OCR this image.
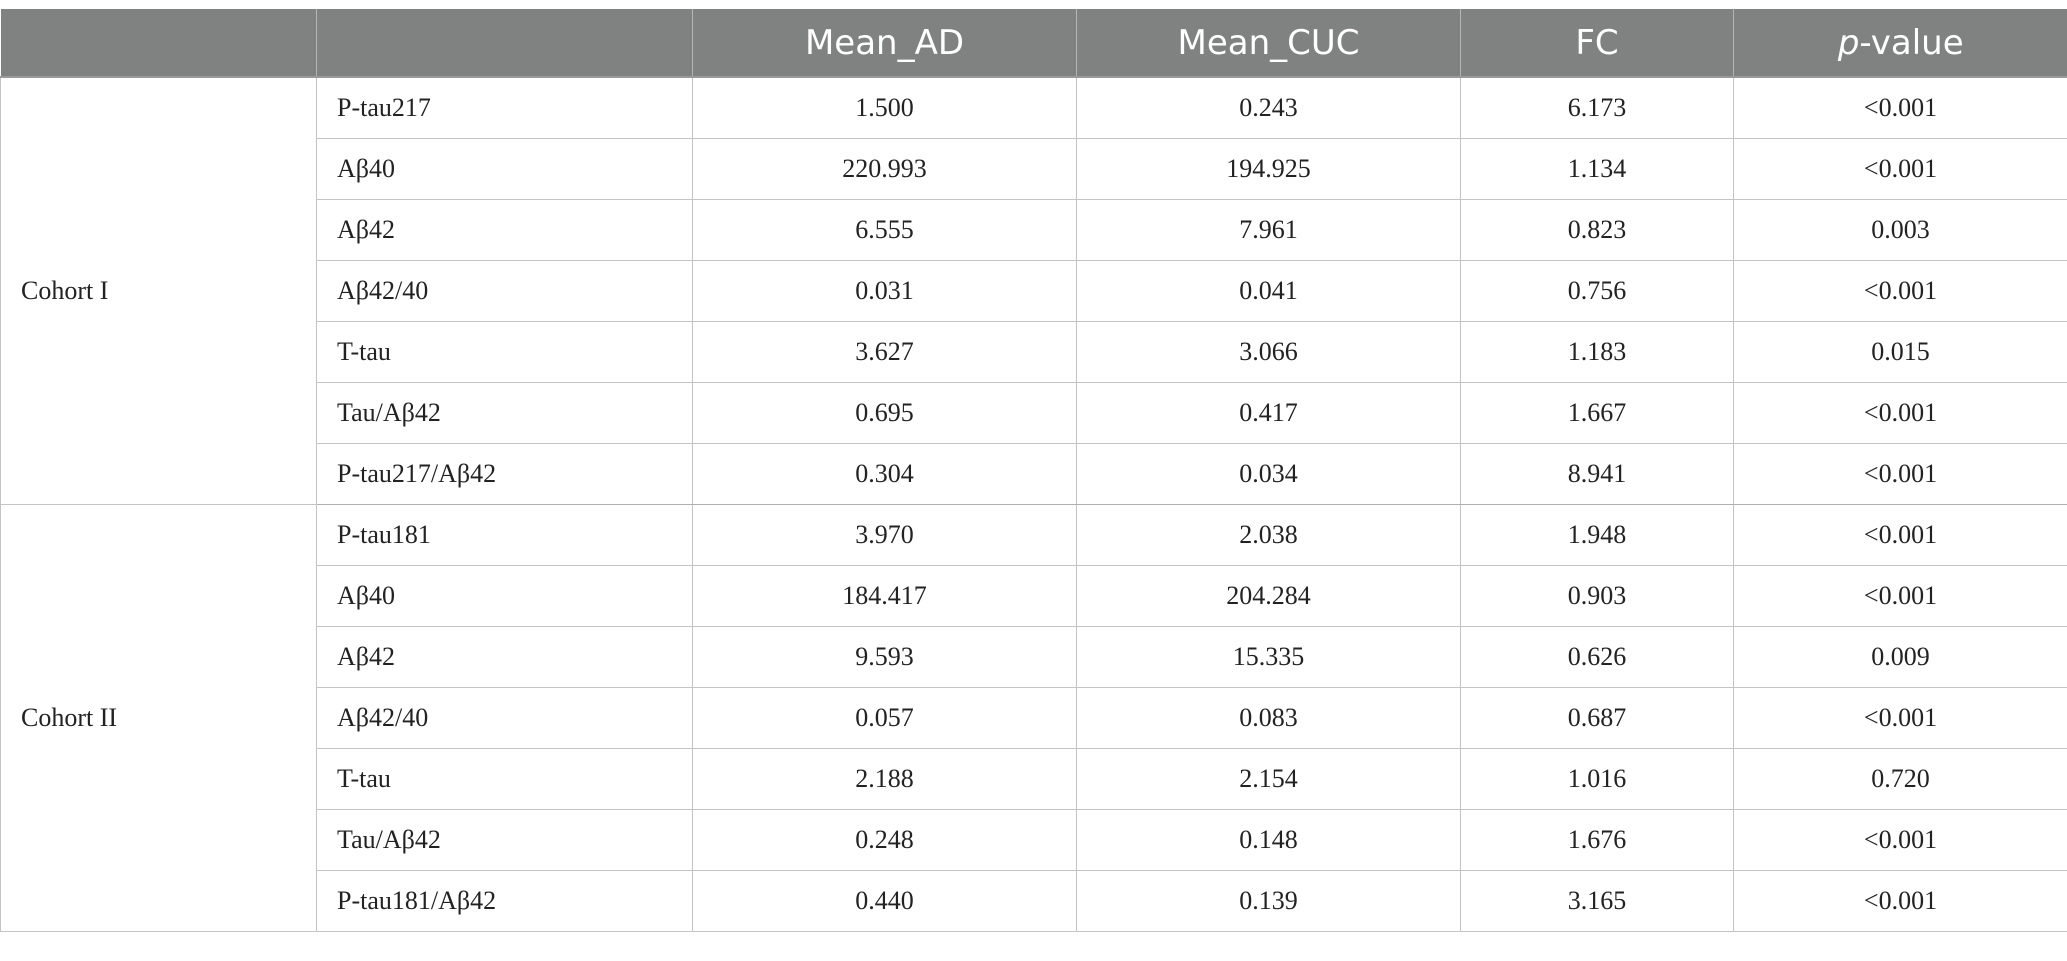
		Mean_AD	Mean_CUC	FC	p-value
Cohort I	P-tau217	1.500	0.243	6.173	<0.001
	Aβ40	220.993	194.925	1.134	<0.001
	Aβ42	6.555	7.961	0.823	0.003
	Aβ42/40	0.031	0.041	0.756	<0.001
	T-tau	3.627	3.066	1.183	0.015
	Tau/Aβ42	0.695	0.417	1.667	<0.001
	P-tau217/Aβ42	0.304	0.034	8.941	<0.001
Cohort II	P-tau181	3.970	2.038	1.948	<0.001
	Aβ40	184.417	204.284	0.903	<0.001
	Aβ42	9.593	15.335	0.626	0.009
	Aβ42/40	0.057	0.083	0.687	<0.001
	T-tau	2.188	2.154	1.016	0.720
	Tau/Aβ42	0.248	0.148	1.676	<0.001
	P-tau181/Aβ42	0.440	0.139	3.165	<0.001
